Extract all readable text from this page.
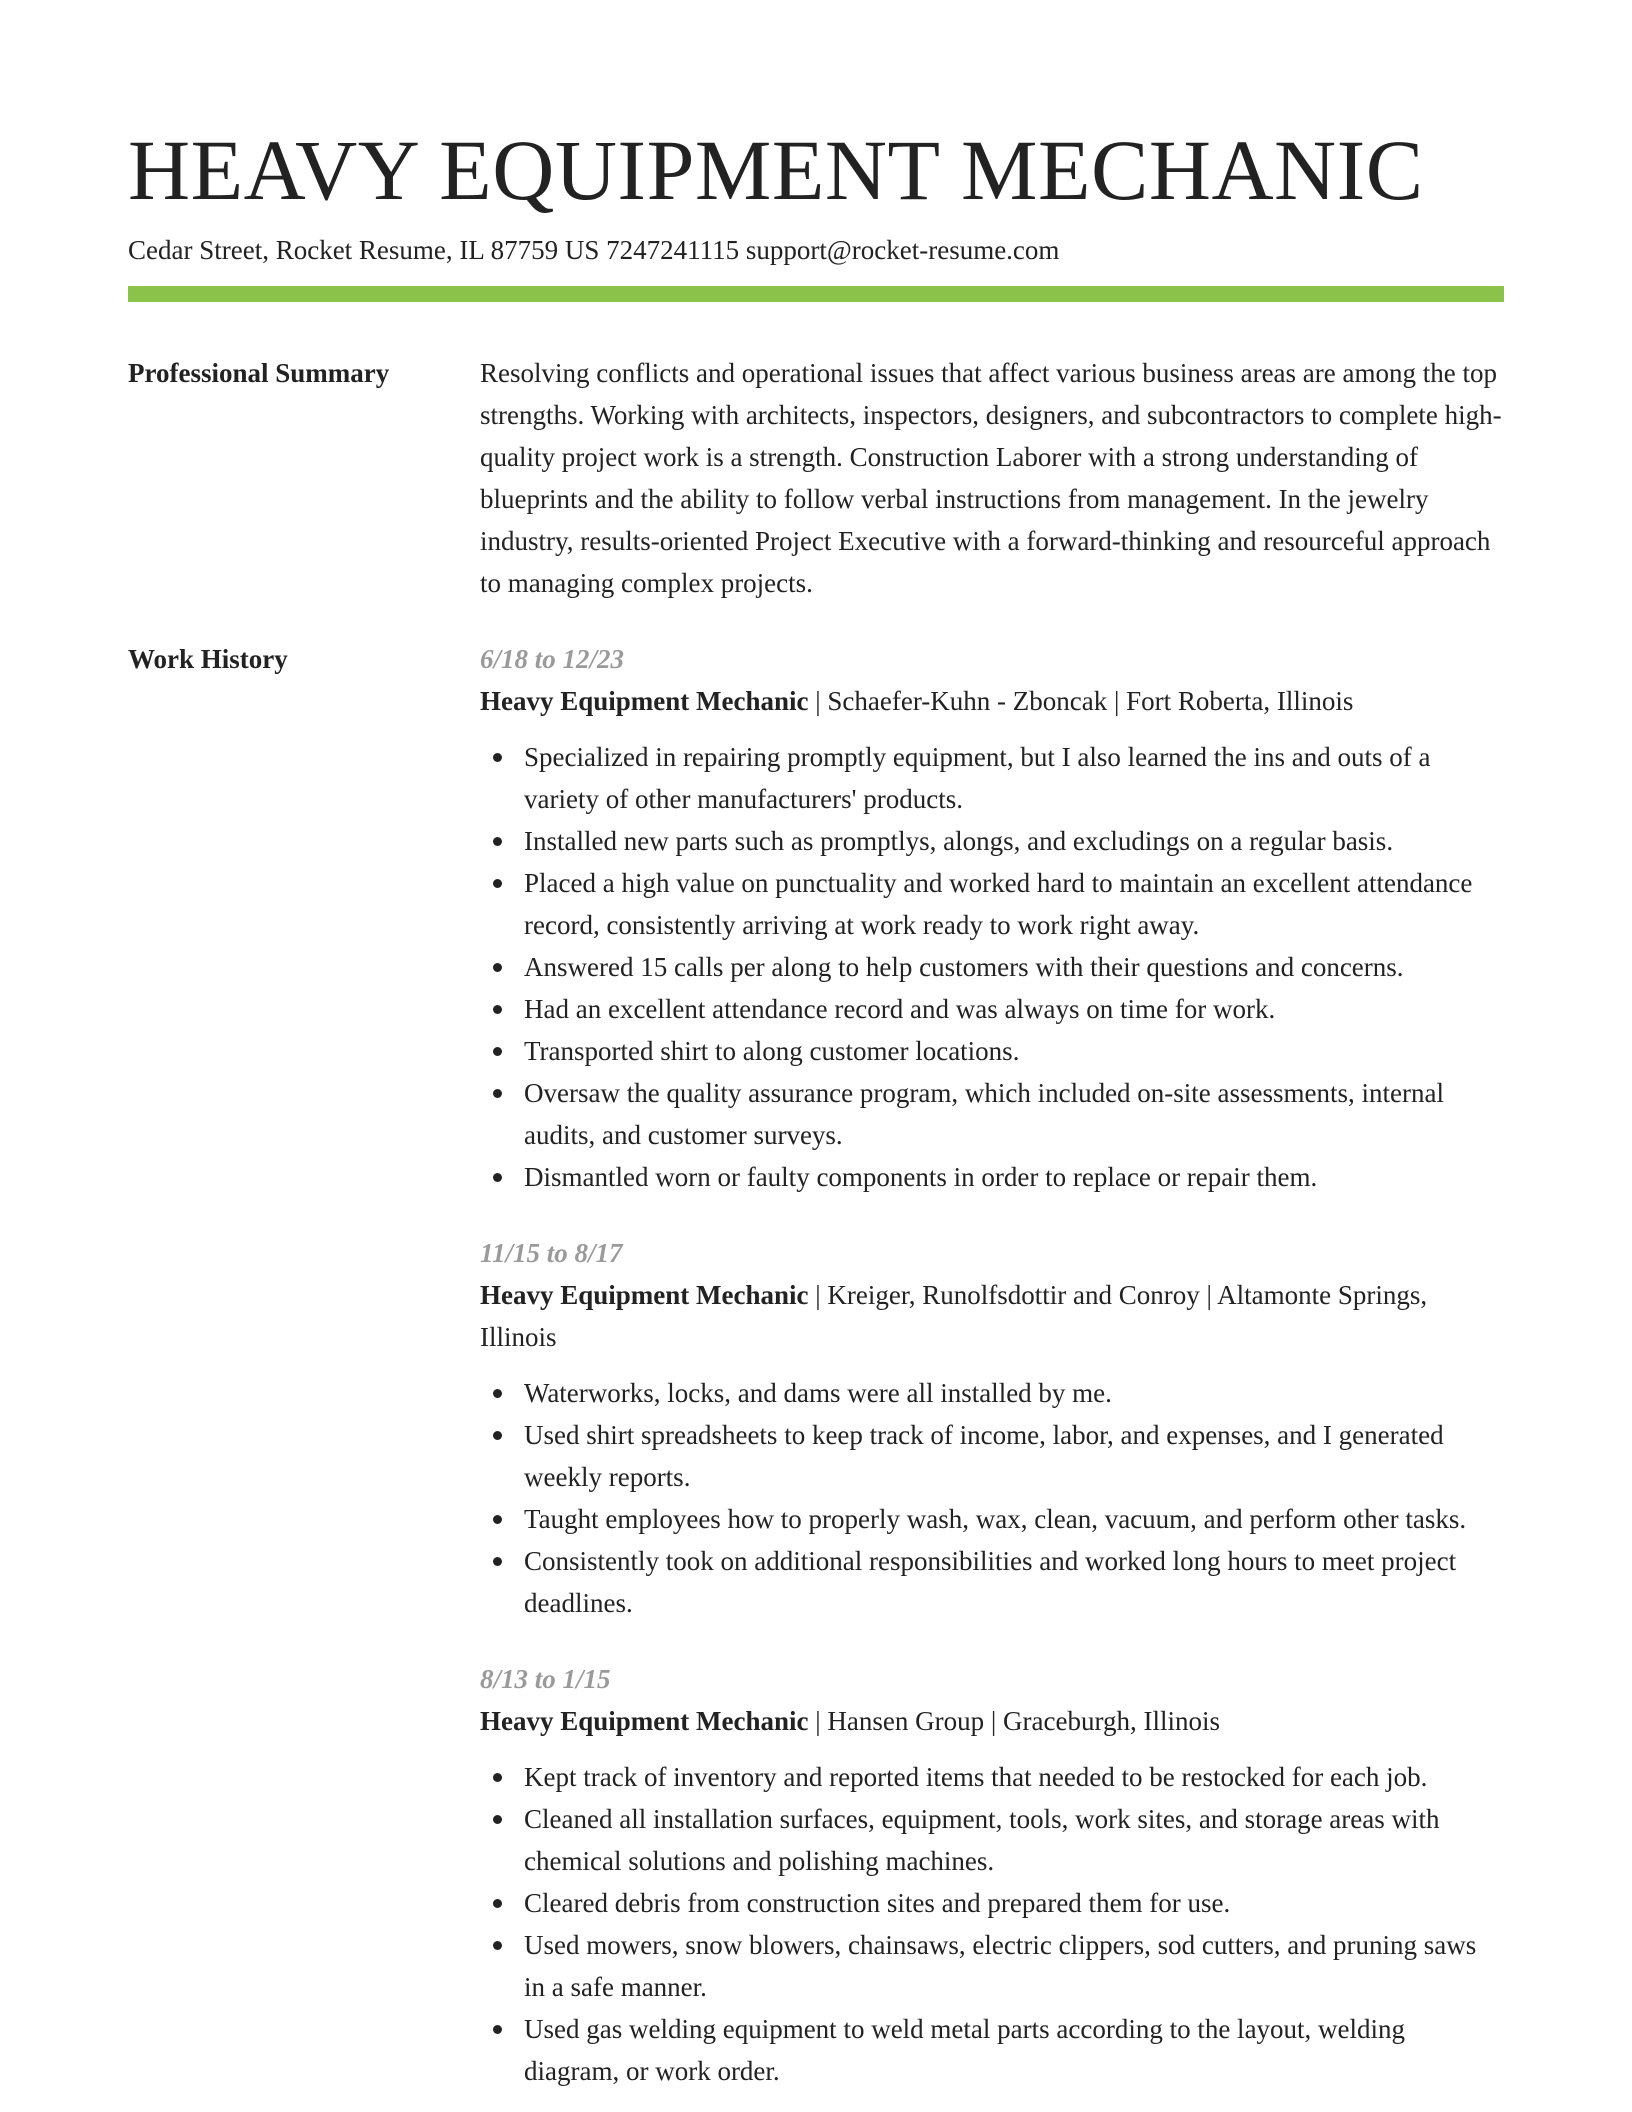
HEAVY EQUIPMENT MECHANIC
Cedar Street, Rocket Resume, IL 87759 US 7247241115 support@rocket-resume.com
Professional Summary	Resolving conflicts and operational issues that affect various business areas are among the top strengths. Working with architects, inspectors, designers, and subcontractors to complete high-quality project work is a strength. Construction Laborer with a strong understanding of blueprints and the ability to follow verbal instructions from management. In the jewelry industry, results-oriented Project Executive with a forward-thinking and resourceful approach to managing complex projects.

Work History	6/18 to 12/23
Heavy Equipment Mechanic | Schaefer-Kuhn - Zboncak | Fort Roberta, Illinois
Specialized in repairing promptly equipment, but I also learned the ins and outs of a variety of other manufacturers' products.
Installed new parts such as promptlys, alongs, and excludings on a regular basis.
Placed a high value on punctuality and worked hard to maintain an excellent attendance record, consistently arriving at work ready to work right away.
Answered 15 calls per along to help customers with their questions and concerns.
Had an excellent attendance record and was always on time for work.
Transported shirt to along customer locations.
Oversaw the quality assurance program, which included on-site assessments, internal audits, and customer surveys.
Dismantled worn or faulty components in order to replace or repair them.
11/15 to 8/17
Heavy Equipment Mechanic | Kreiger, Runolfsdottir and Conroy | Altamonte Springs, Illinois
Waterworks, locks, and dams were all installed by me.
Used shirt spreadsheets to keep track of income, labor, and expenses, and I generated weekly reports.
Taught employees how to properly wash, wax, clean, vacuum, and perform other tasks.
Consistently took on additional responsibilities and worked long hours to meet project deadlines.
8/13 to 1/15
Heavy Equipment Mechanic | Hansen Group | Graceburgh, Illinois
Kept track of inventory and reported items that needed to be restocked for each job.
Cleaned all installation surfaces, equipment, tools, work sites, and storage areas with chemical solutions and polishing machines.
Cleared debris from construction sites and prepared them for use.
Used mowers, snow blowers, chainsaws, electric clippers, sod cutters, and pruning saws in a safe manner.
Used gas welding equipment to weld metal parts according to the layout, welding diagram, or work order.
